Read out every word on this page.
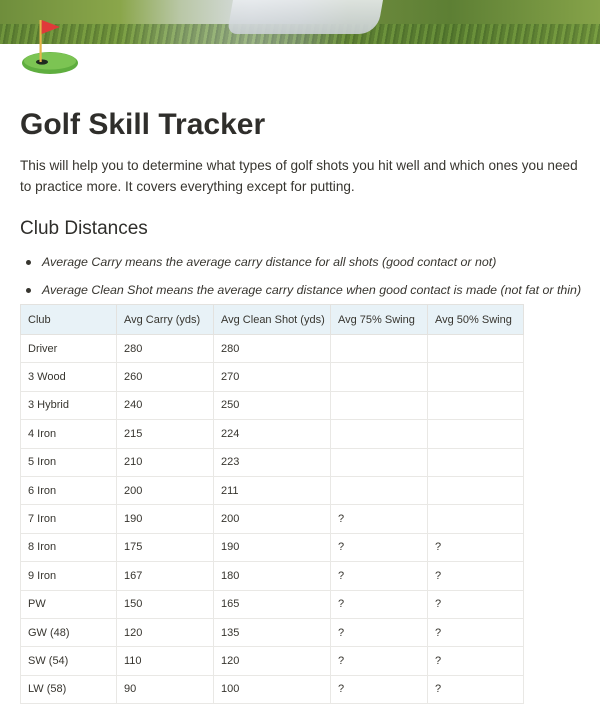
Golf Skill Tracker

This will help you to determine what types of golf shots you hit well and which ones you need to practice more. It covers everything except for putting.

Club Distances
Average Carry means the average carry distance for all shots (good contact or not)
Average Clean Shot means the average carry distance when good contact is made (not fat or thin)
Club	Avg Carry (yds)	Avg Clean Shot (yds)	Avg 75% Swing	Avg 50% Swing
Driver	280	280		
3 Wood	260	270		
3 Hybrid	240	250		
4 Iron	215	224		
5 Iron	210	223		
6 Iron	200	211		
7 Iron	190	200	?	
8 Iron	175	190	?	?
9 Iron	167	180	?	?
PW	150	165	?	?
GW (48)	120	135	?	?
SW (54)	110	120	?	?
LW (58)	90	100	?	?
